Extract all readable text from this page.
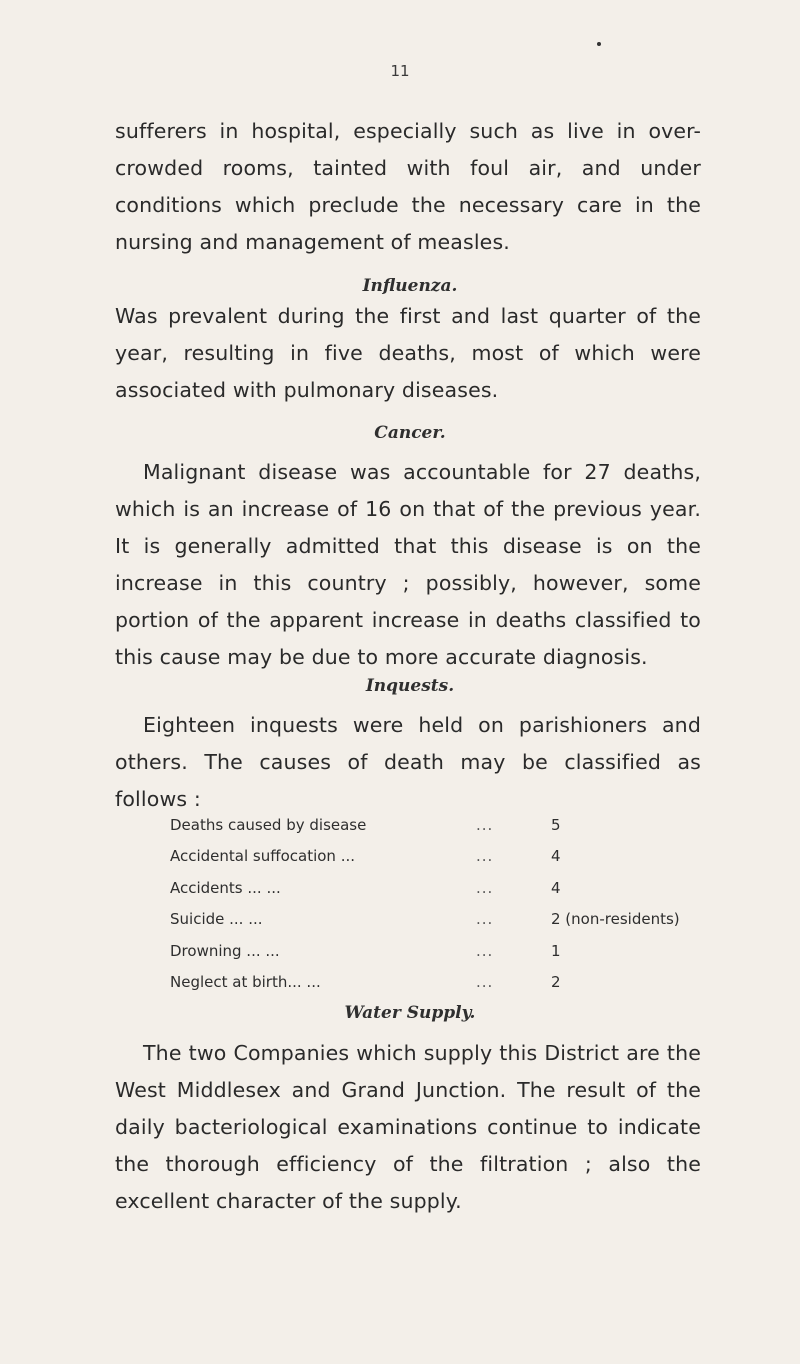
11

sufferers in hospital, especially such as live in over-crowded rooms, tainted with foul air, and under conditions which preclude the necessary care in the nursing and management of measles.

Influenza.

Was prevalent during the first and last quarter of the year, resulting in five deaths, most of which were associated with pulmonary diseases.

Cancer.

Malignant disease was accountable for 27 deaths, which is an increase of 16 on that of the previous year. It is generally admitted that this disease is on the increase in this country ; possibly, however, some portion of the apparent increase in deaths classified to this cause may be due to more accurate diagnosis.

Inquests.

Eighteen inquests were held on parishioners and others. The causes of death may be classified as follows :

Deaths caused by disease	...	5
Accidental suffocation ...	...	4
Accidents ... ...	...	4
Suicide ... ...	...	2 (non-residents)
Drowning ... ...	...	1
Neglect at birth... ...	...	2
Water Supply.

The two Companies which supply this District are the West Middlesex and Grand Junction. The result of the daily bacteriological examinations continue to indicate the thorough efficiency of the filtration ; also the excellent character of the supply.
